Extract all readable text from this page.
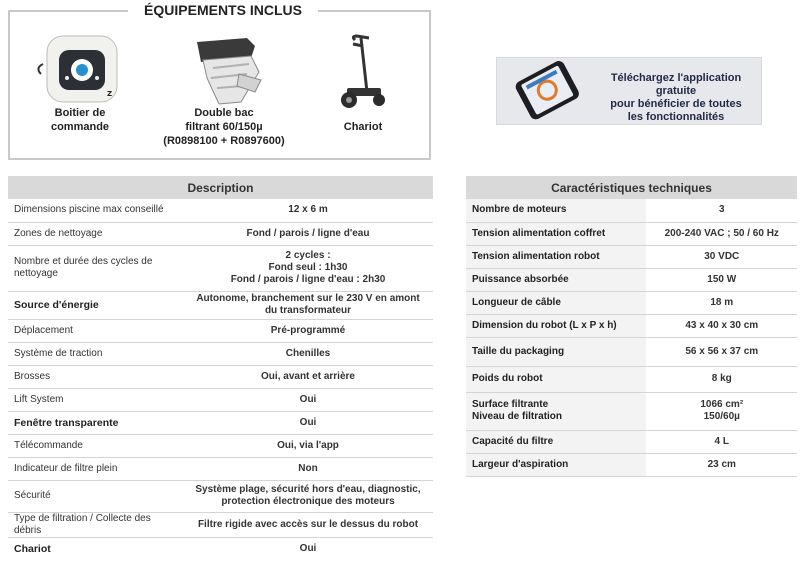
ÉQUIPEMENTS INCLUS
Z
Boitier de
commande
Double bac
filtrant 60/150µ
(R0898100 + R0897600)
Chariot
Téléchargez l'application gratuite
pour bénéficier de toutes
les fonctionnalités
Description	
Dimensions piscine max conseillé	12 x 6 m
Zones de nettoyage	Fond / parois / ligne d'eau
Nombre et durée des cycles de nettoyage	2 cycles :
Fond seul : 1h30
Fond / parois / ligne d'eau : 2h30
Source d'énergie	Autonome, branchement sur le 230 V en amont
du transformateur
Déplacement	Pré-programmé
Système de traction	Chenilles
Brosses	Oui, avant et arrière
Lift System	Oui
Fenêtre transparente	Oui
Télécommande	Oui, via l'app
Indicateur de filtre plein	Non
Sécurité	Système plage, sécurité hors d'eau, diagnostic,
protection électronique des moteurs
Type de filtration / Collecte des débris	Filtre rigide avec accès sur le dessus du robot
Chariot	Oui
Caractéristiques techniques	
Nombre de moteurs	3
Tension alimentation coffret	200-240 VAC ; 50 / 60 Hz
Tension alimentation robot	30 VDC
Puissance absorbée	150 W
Longueur de câble	18 m
Dimension du robot (L x P x h)	43 x 40 x 30 cm
Taille du packaging	56 x 56 x 37 cm
Poids du robot	8 kg
Surface filtrante
Niveau de filtration	1066 cm²
150/60µ
Capacité du filtre	4 L
Largeur d'aspiration	23 cm
